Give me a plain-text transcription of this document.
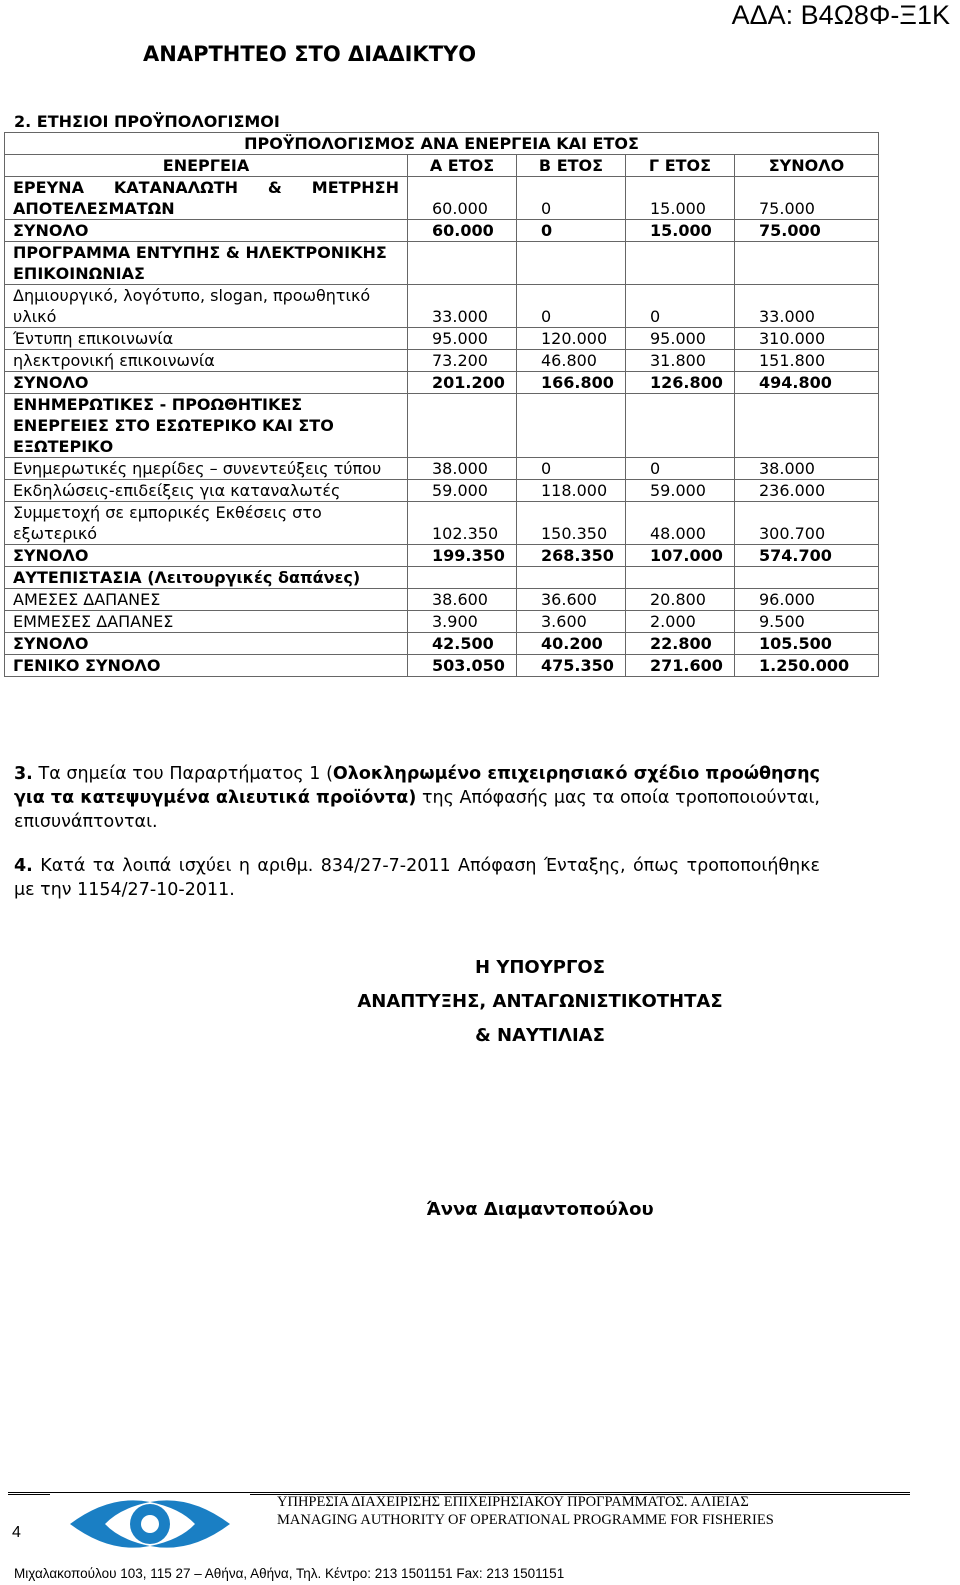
ΑΔΑ: Β4Ω8Φ-Ξ1Κ
ΑΝΑΡΤΗΤΕΟ ΣΤΟ ΔΙΑΔΙΚΤΥΟ
2. ΕΤΗΣΙΟΙ ΠΡΟΫΠΟΛΟΓΙΣΜΟΙ
ΠΡΟΫΠΟΛΟΓΙΣΜΟΣ ΑΝΑ ΕΝΕΡΓΕΙΑ ΚΑΙ ΕΤΟΣ				
ΕΝΕΡΓΕΙΑ	Α ΕΤΟΣ	Β ΕΤΟΣ	Γ ΕΤΟΣ	ΣΥΝΟΛΟ
ΕΡΕΥΝΑ ΚΑΤΑΝΑΛΩΤΗ & ΜΕΤΡΗΣΗ ΑΠΟΤΕΛΕΣΜΑΤΩΝ	60.000	0	15.000	75.000
ΣΥΝΟΛΟ	60.000	0	15.000	75.000
ΠΡΟΓΡΑΜΜΑ ΕΝΤΥΠΗΣ & ΗΛΕΚΤΡΟΝΙΚΗΣ ΕΠΙΚΟΙΝΩΝΙΑΣ				
Δημιουργικό, λογότυπο, slogan, προωθητικό υλικό	33.000	0	0	33.000
Έντυπη επικοινωνία	95.000	120.000	95.000	310.000
ηλεκτρονική επικοινωνία	73.200	46.800	31.800	151.800
ΣΥΝΟΛΟ	201.200	166.800	126.800	494.800
ΕΝΗΜΕΡΩΤΙΚΕΣ - ΠΡΟΩΘΗΤΙΚΕΣ ΕΝΕΡΓΕΙΕΣ ΣΤΟ ΕΣΩΤΕΡΙΚΟ ΚΑΙ ΣΤΟ ΕΞΩΤΕΡΙΚΟ				
Ενημερωτικές ημερίδες – συνεντεύξεις τύπου	38.000	0	0	38.000
Εκδηλώσεις-επιδείξεις για καταναλωτές	59.000	118.000	59.000	236.000
Συμμετοχή σε εμπορικές Εκθέσεις στο εξωτερικό	102.350	150.350	48.000	300.700
ΣΥΝΟΛΟ	199.350	268.350	107.000	574.700
ΑΥΤΕΠΙΣΤΑΣΙΑ (Λειτουργικές δαπάνες)				
ΑΜΕΣΕΣ ΔΑΠΑΝΕΣ	38.600	36.600	20.800	96.000
ΕΜΜΕΣΕΣ ΔΑΠΑΝΕΣ	3.900	3.600	2.000	9.500
ΣΥΝΟΛΟ	42.500	40.200	22.800	105.500
ΓΕΝΙΚΟ ΣΥΝΟΛΟ	503.050	475.350	271.600	1.250.000
3. Τα σημεία του Παραρτήματος 1 (Ολοκληρωμένο επιχειρησιακό σχέδιο προώθησης για τα κατεψυγμένα αλιευτικά προϊόντα) της Απόφασής μας τα οποία τροποποιούνται, επισυνάπτονται.
4. Κατά τα λοιπά ισχύει η αριθμ. 834/27-7-2011 Απόφαση Ένταξης, όπως τροποποιήθηκε με την 1154/27-10-2011.
Η ΥΠΟΥΡΓΟΣ
ΑΝΑΠΤΥΞΗΣ, ΑΝΤΑΓΩΝΙΣΤΙΚΟΤΗΤΑΣ
& ΝΑΥΤΙΛΙΑΣ
Άννα Διαμαντοπούλου
4
ΥΠΗΡΕΣΙΑ ΔΙΑΧΕΙΡΙΣΗΣ ΕΠΙΧΕΙΡΗΣΙΑΚΟΥ ΠΡΟΓΡΑΜΜΑΤΟΣ. ΑΛΙΕΙΑΣ
MANAGING AUTHORITY OF OPERATIONAL PROGRAMME FOR FISHERIES
Μιχαλακοπούλου 103, 115 27 – Αθήνα, Αθήνα, Τηλ. Κέντρο: 213 1501151 Fax: 213 1501151
